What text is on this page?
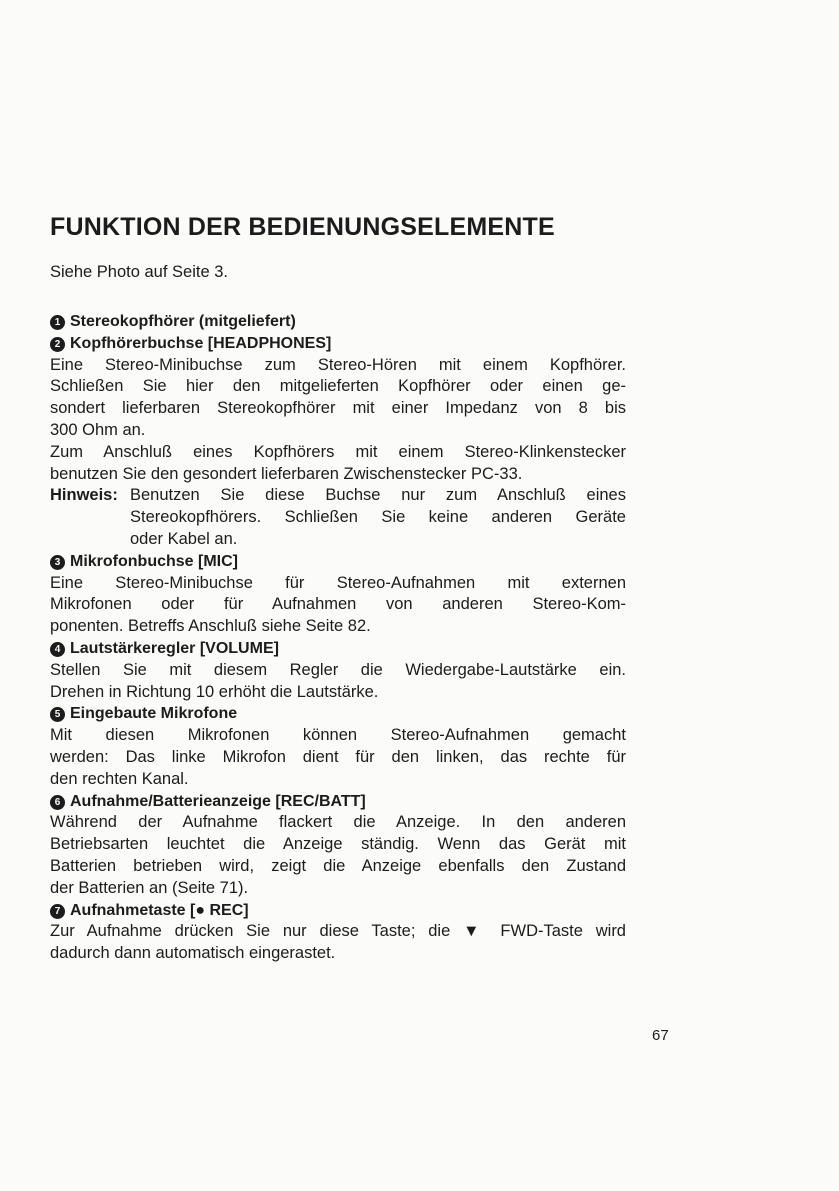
FUNKTION DER BEDIENUNGSELEMENTE
Siehe Photo auf Seite 3.
1 Stereokopfhörer (mitgeliefert)
2 Kopfhörerbuchse [HEADPHONES]
Eine Stereo-Minibuchse zum Stereo-Hören mit einem Kopfhörer.
Schließen Sie hier den mitgelieferten Kopfhörer oder einen ge-
sondert lieferbaren Stereokopfhörer mit einer Impedanz von 8 bis
300 Ohm an.
Zum Anschluß eines Kopfhörers mit einem Stereo-Klinkenstecker
benutzen Sie den gesondert lieferbaren Zwischenstecker PC-33.
Hinweis: Benutzen Sie diese Buchse nur zum Anschluß eines
Stereokopfhörers. Schließen Sie keine anderen Geräte
oder Kabel an.
3 Mikrofonbuchse [MIC]
Eine Stereo-Minibuchse für Stereo-Aufnahmen mit externen
Mikrofonen oder für Aufnahmen von anderen Stereo-Kom-
ponenten. Betreffs Anschluß siehe Seite 82.
4 Lautstärkeregler [VOLUME]
Stellen Sie mit diesem Regler die Wiedergabe-Lautstärke ein.
Drehen in Richtung 10 erhöht die Lautstärke.
5 Eingebaute Mikrofone
Mit diesen Mikrofonen können Stereo-Aufnahmen gemacht
werden: Das linke Mikrofon dient für den linken, das rechte für
den rechten Kanal.
6 Aufnahme/Batterieanzeige [REC/BATT]
Während der Aufnahme flackert die Anzeige. In den anderen
Betriebsarten leuchtet die Anzeige ständig. Wenn das Gerät mit
Batterien betrieben wird, zeigt die Anzeige ebenfalls den Zustand
der Batterien an (Seite 71).
7 Aufnahmetaste [● REC]
Zur Aufnahme drücken Sie nur diese Taste; die ▼ FWD-Taste wird
dadurch dann automatisch eingerastet.
67
